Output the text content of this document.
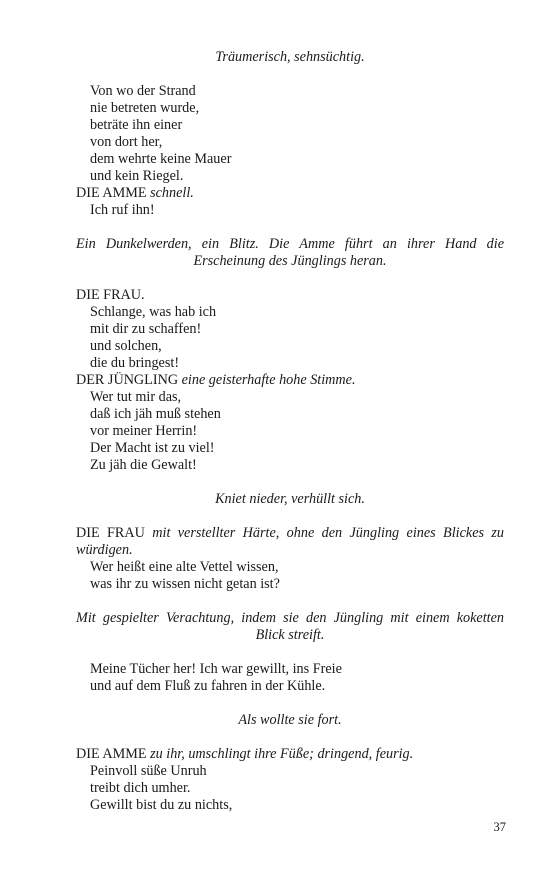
Träumerisch, sehnsüchtig.
Von wo der Strand
nie betreten wurde,
beträte ihn einer
von dort her,
dem wehrte keine Mauer
und kein Riegel.
DIE AMME schnell.
Ich ruf ihn!
Ein Dunkelwerden, ein Blitz. Die Amme führt an ihrer Hand die Erscheinung des Jünglings heran.
DIE FRAU.
Schlange, was hab ich
mit dir zu schaffen!
und solchen,
die du bringest!
DER JÜNGLING eine geisterhafte hohe Stimme.
Wer tut mir das,
daß ich jäh muß stehen
vor meiner Herrin!
Der Macht ist zu viel!
Zu jäh die Gewalt!
Kniet nieder, verhüllt sich.
DIE FRAU mit verstellter Härte, ohne den Jüngling eines Blickes zu würdigen.
Wer heißt eine alte Vettel wissen,
was ihr zu wissen nicht getan ist?
Mit gespielter Verachtung, indem sie den Jüngling mit einem koketten Blick streift.
Meine Tücher her! Ich war gewillt, ins Freie
und auf dem Fluß zu fahren in der Kühle.
Als wollte sie fort.
DIE AMME zu ihr, umschlingt ihre Füße; dringend, feurig.
Peinvoll süße Unruh
treibt dich umher.
Gewillt bist du zu nichts,
37
